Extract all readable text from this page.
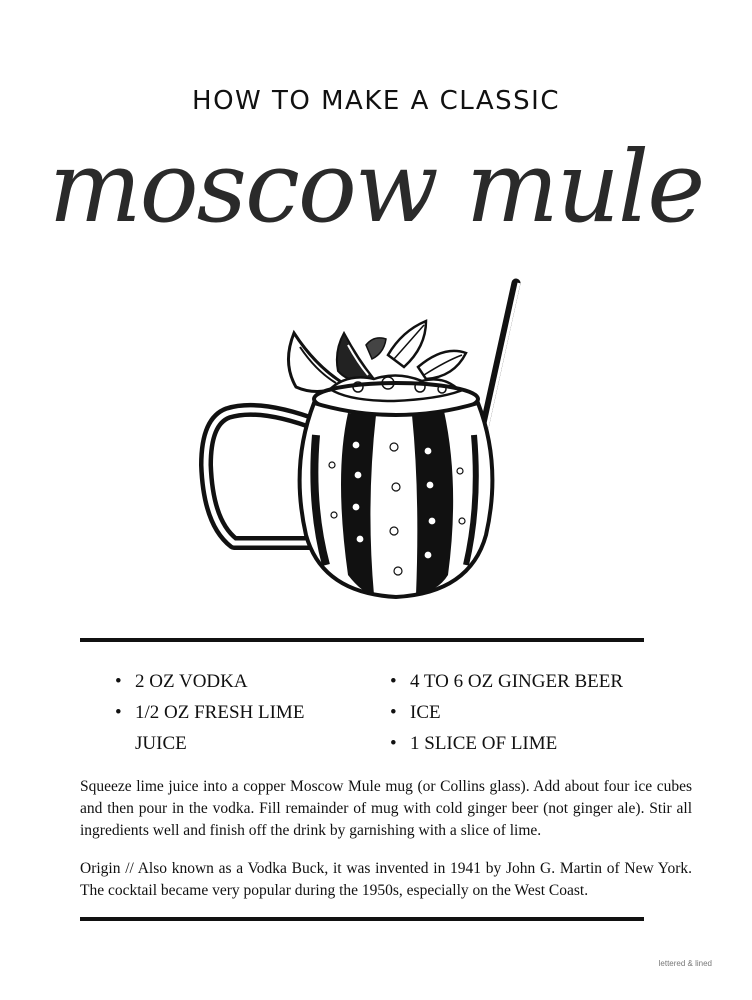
HOW TO MAKE A CLASSIC
moscow mule
• 2 OZ VODKA
• 1/2 OZ FRESH LIME JUICE
• 4 TO 6 OZ GINGER BEER
• ICE
• 1 SLICE OF LIME
Squeeze lime juice into a copper Moscow Mule mug (or Collins glass). Add about four ice cubes and then pour in the vodka. Fill remainder of mug with cold ginger beer (not ginger ale). Stir all ingredients well and finish off the drink by garnishing with a slice of lime.
Origin // Also known as a Vodka Buck, it was invented in 1941 by John G. Martin of New York. The cocktail became very popular during the 1950s, especially on the West Coast.
lettered & lined
